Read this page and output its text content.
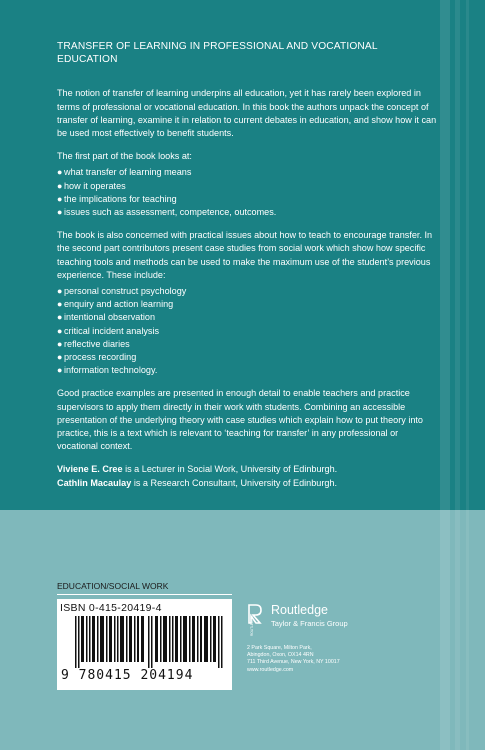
TRANSFER OF LEARNING IN PROFESSIONAL AND VOCATIONAL EDUCATION

The notion of transfer of learning underpins all education, yet it has rarely been explored in terms of professional or vocational education. In this book the authors unpack the concept of transfer of learning, examine it in relation to current debates in education, and show how it can be used most effectively to benefit students.

The first part of the book looks at:

● what transfer of learning means
● how it operates
● the implications for teaching
● issues such as assessment, competence, outcomes.

The book is also concerned with practical issues about how to teach to encourage transfer. In the second part contributors present case studies from social work which show how specific teaching tools and methods can be used to make the maximum use of the student’s previous experience. These include:

● personal construct psychology
● enquiry and action learning
● intentional observation
● critical incident analysis
● reflective diaries
● process recording
● information technology.

Good practice examples are presented in enough detail to enable teachers and practice supervisors to apply them directly in their work with students. Combining an accessible presentation of the underlying theory with case studies which explain how to put theory into practice, this is a text which is relevant to ‘teaching for transfer’ in any professional or vocational context.

Viviene E. Cree is a Lecturer in Social Work, University of Edinburgh.

Cathlin Macaulay is a Research Consultant, University of Edinburgh.

EDUCATION/SOCIAL WORK
ISBN 0-415-20419-4
9 780415 204194
ROUTLEDGE
Routledge
Taylor & Francis Group
2 Park Square, Milton Park,
Abingdon, Oxon, OX14 4RN
711 Third Avenue, New York, NY 10017
www.routledge.com
